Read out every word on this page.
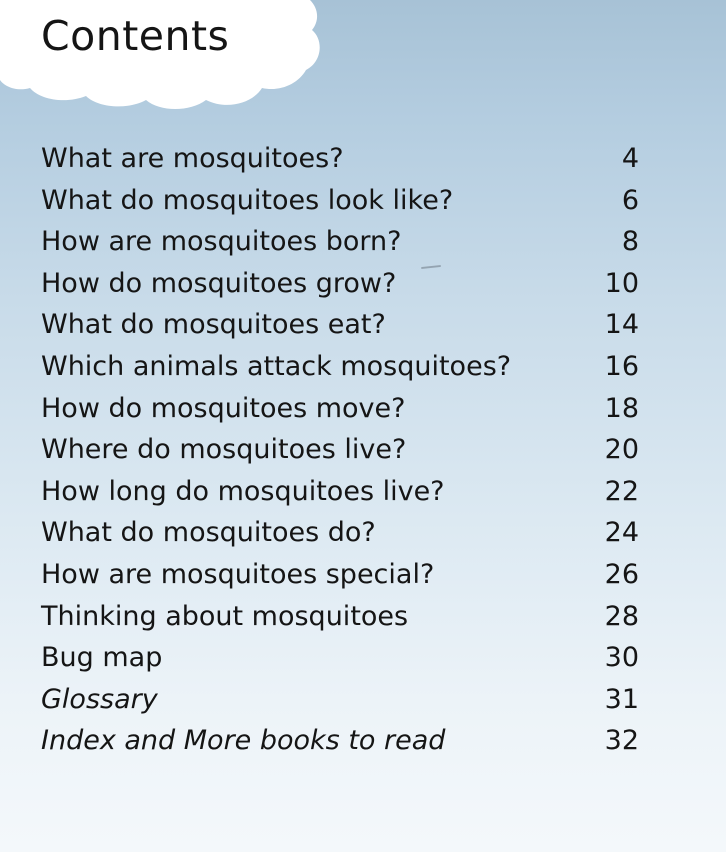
Contents
What are mosquitoes?	4
What do mosquitoes look like?	6
How are mosquitoes born?	8
How do mosquitoes grow?	10
What do mosquitoes eat?	14
Which animals attack mosquitoes?	16
How do mosquitoes move?	18
Where do mosquitoes live?	20
How long do mosquitoes live?	22
What do mosquitoes do?	24
How are mosquitoes special?	26
Thinking about mosquitoes	28
Bug map	30
Glossary	31
Index and More books to read	32
